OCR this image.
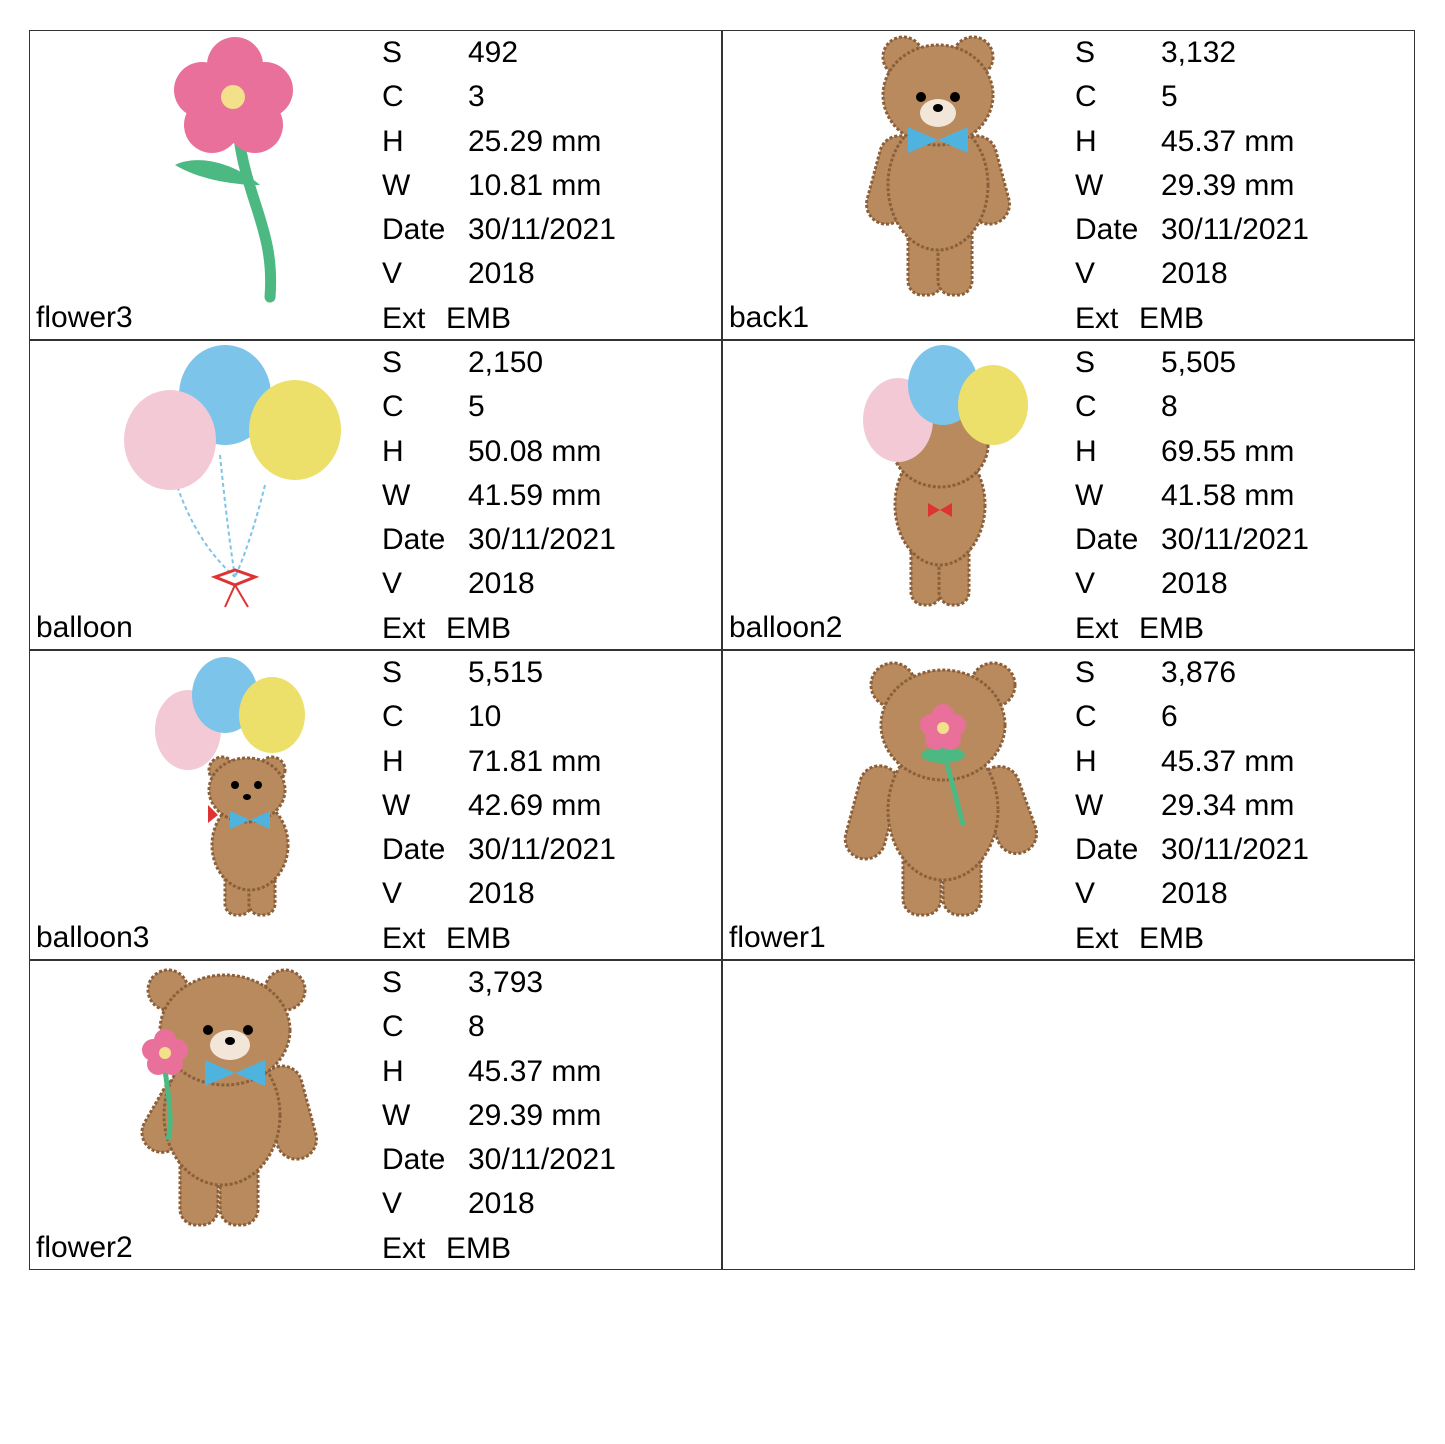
flower3
S 492
C 3
H 25.29 mm
W 10.81 mm
Date 30/11/2021
V 2018
Ext EMB	back1
S 3,132
C 5
H 45.37 mm
W 29.39 mm
Date 30/11/2021
V 2018
Ext EMB
balloon
S 2,150
C 5
H 50.08 mm
W 41.59 mm
Date 30/11/2021
V 2018
Ext EMB	balloon2
S 5,505
C 8
H 69.55 mm
W 41.58 mm
Date 30/11/2021
V 2018
Ext EMB
balloon3
S 5,515
C 10
H 71.81 mm
W 42.69 mm
Date 30/11/2021
V 2018
Ext EMB	flower1
S 3,876
C 6
H 45.37 mm
W 29.34 mm
Date 30/11/2021
V 2018
Ext EMB
flower2
S 3,793
C 8
H 45.37 mm
W 29.39 mm
Date 30/11/2021
V 2018
Ext EMB
